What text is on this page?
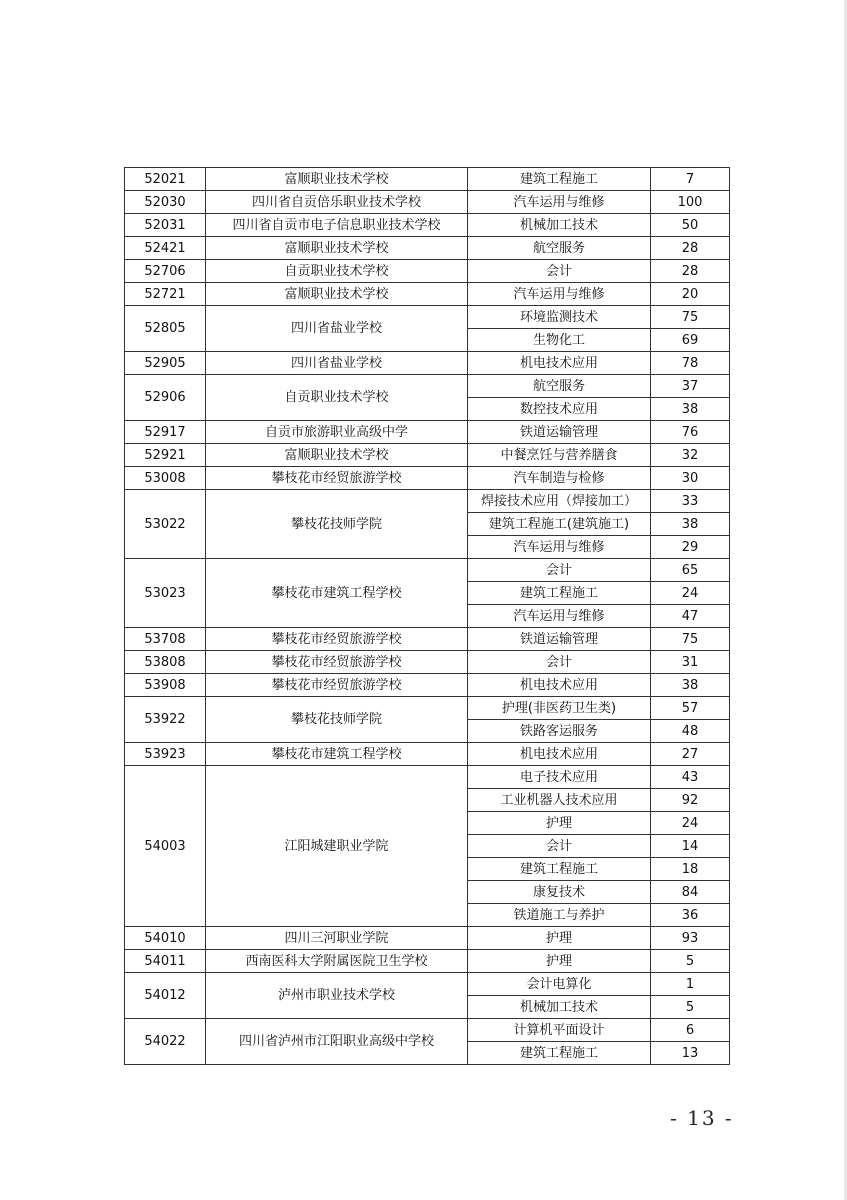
52021	富顺职业技术学校	建筑工程施工	7
52030	四川省自贡倍乐职业技术学校	汽车运用与维修	100
52031	四川省自贡市电子信息职业技术学校	机械加工技术	50
52421	富顺职业技术学校	航空服务	28
52706	自贡职业技术学校	会计	28
52721	富顺职业技术学校	汽车运用与维修	20
52805	四川省盐业学校	环境监测技术	75
		生物化工	69
52905	四川省盐业学校	机电技术应用	78
52906	自贡职业技术学校	航空服务	37
		数控技术应用	38
52917	自贡市旅游职业高级中学	铁道运输管理	76
52921	富顺职业技术学校	中餐烹饪与营养膳食	32
53008	攀枝花市经贸旅游学校	汽车制造与检修	30
53022	攀枝花技师学院	焊接技术应用（焊接加工）	33
		建筑工程施工(建筑施工)	38
		汽车运用与维修	29
53023	攀枝花市建筑工程学校	会计	65
		建筑工程施工	24
		汽车运用与维修	47
53708	攀枝花市经贸旅游学校	铁道运输管理	75
53808	攀枝花市经贸旅游学校	会计	31
53908	攀枝花市经贸旅游学校	机电技术应用	38
53922	攀枝花技师学院	护理(非医药卫生类)	57
		铁路客运服务	48
53923	攀枝花市建筑工程学校	机电技术应用	27
54003	江阳城建职业学院	电子技术应用	43
		工业机器人技术应用	92
		护理	24
		会计	14
		建筑工程施工	18
		康复技术	84
		铁道施工与养护	36
54010	四川三河职业学院	护理	93
54011	西南医科大学附属医院卫生学校	护理	5
54012	泸州市职业技术学校	会计电算化	1
		机械加工技术	5
54022	四川省泸州市江阳职业高级中学校	计算机平面设计	6
		建筑工程施工	13
- 13 -
